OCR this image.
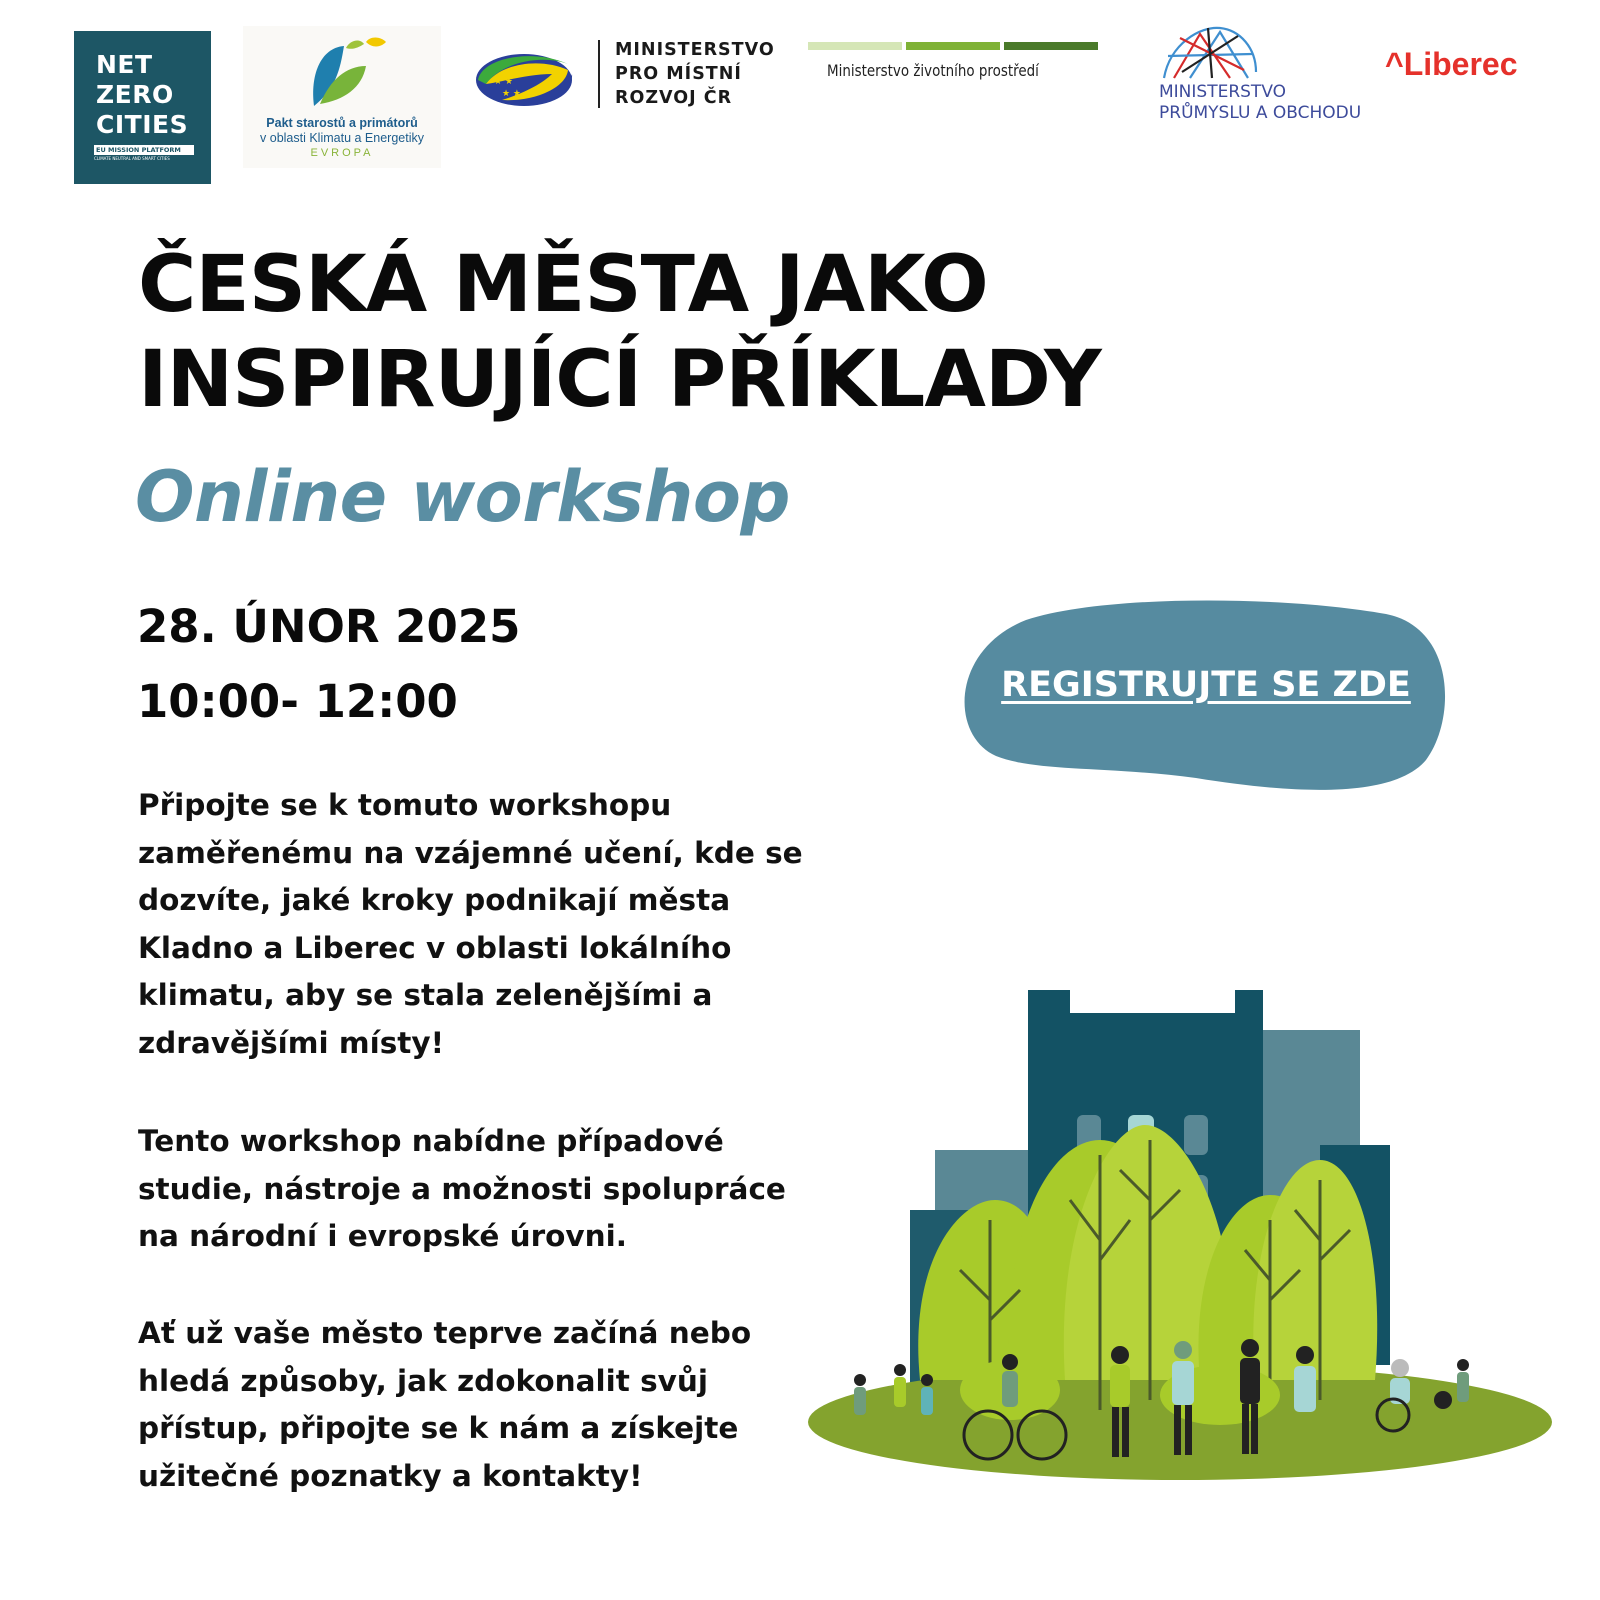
NET
ZERO
CITIES
EU MISSION PLATFORM
CLIMATE NEUTRAL AND SMART CITIES
Pakt starostů a primátorů
v oblasti Klimatu a Energetiky
EVROPA
★ ★
★ ★
MINISTERSTVO
PRO MÍSTNÍ
ROZVOJ ČR
Ministerstvo životního prostředí
MINISTERSTVO
PRŮMYSLU A OBCHODU
^Liberec
ČESKÁ MĚSTA JAKO
INSPIRUJÍCÍ PŘÍKLADY
Online workshop
28. ÚNOR 2025
10:00- 12:00	REGISTRUJTE SE ZDE
Připojte se k tomuto workshopu
zaměřenému na vzájemné učení, kde se
dozvíte, jaké kroky podnikají města
Kladno a Liberec v oblasti lokálního
klimatu, aby se stala zelenějšími a
zdravějšími místy!
Tento workshop nabídne případové
studie, nástroje a možnosti spolupráce
na národní i evropské úrovni.
Ať už vaše město teprve začíná nebo
hledá způsoby, jak zdokonalit svůj
přístup, připojte se k nám a získejte
užitečné poznatky a kontakty!
